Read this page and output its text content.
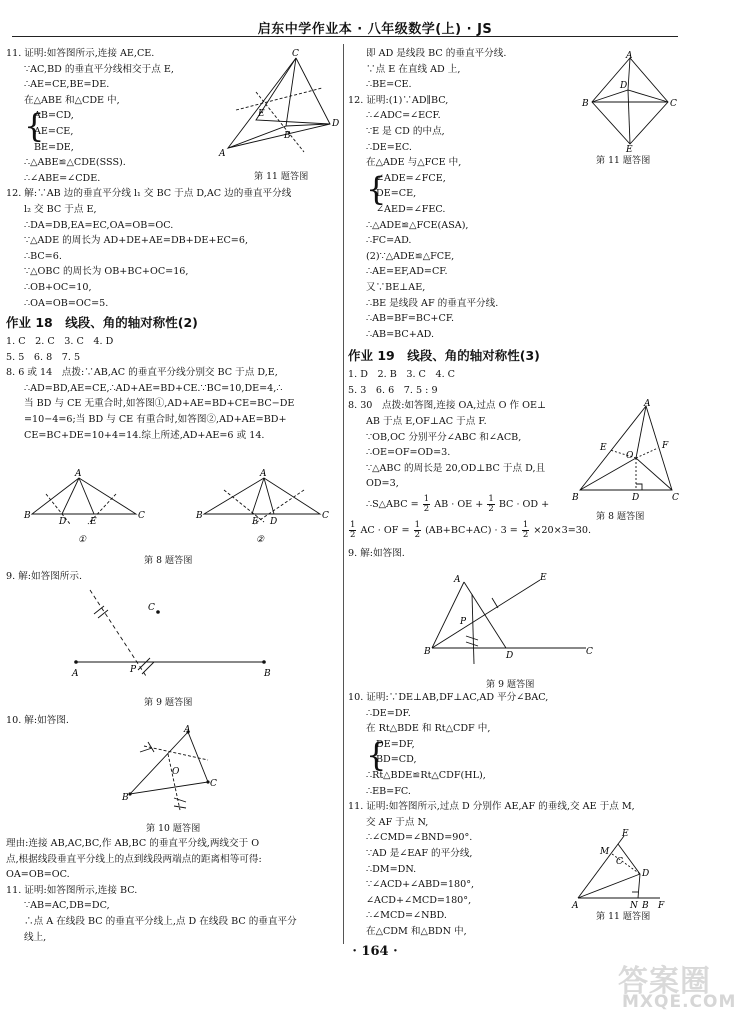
启东中学作业本 · 八年级数学(上) · JS
11. 证明:如答图所示,连接 AE,CE.
∵AC,BD 的垂直平分线相交于点 E,
∴AE=CE,BE=DE.
在△ABE 和△CDE 中,
{ AB=CD,
AE=CE,
BE=DE,
∴△ABE≌△CDE(SSS).
∴∠ABE=∠CDE.
12. 解:∵AB 边的垂直平分线 l₁ 交 BC 于点 D,AC 边的垂直平分线
l₂ 交 BC 于点 E,
∴DA=DB,EA=EC,OA=OB=OC.
∵△ADE 的周长为 AD+DE+AE=DB+DE+EC=6,
∴BC=6.
∵△OBC 的周长为 OB+BC+OC=16,
∴OB+OC=10,
∴OA=OB=OC=5.
作业 18　线段、角的轴对称性(2)
1. C　2. C　3. C　4. D
5. 5　6. 8　7. 5
8. 6 或 14　点拨:∵AB,AC 的垂直平分线分别交 BC 于点 D,E,
∴AD=BD,AE=CE,∴AD+AE=BD+CE.∵BC=10,DE=4,∴
当 BD 与 CE 无重合时,如答图①,AD+AE=BD+CE=BC−DE
=10−4=6;当 BD 与 CE 有重合时,如答图②,AD+AE=BD+
CE=BC+DE=10+4=14.综上所述,AD+AE=6 或 14.
C
A
D
B
E
第 11 题答图
A
B	C
D	E
A
B	C
E D
①	②
第 8 题答图
9. 解:如答图所示.
A	B
C
P
第 9 题答图
10. 解:如答图.
A
B
C
O
第 10 题答图
理由:连接 AB,AC,BC,作 AB,BC 的垂直平分线,两线交于 O
点,根据线段垂直平分线上的点到线段两端点的距离相等可得:
OA=OB=OC.
11. 证明:如答图所示,连接 BC.
∵AB=AC,DB=DC,
∴点 A 在线段 BC 的垂直平分线上,点 D 在线段 BC 的垂直平分
线上,
即 AD 是线段 BC 的垂直平分线.
∵点 E 在直线 AD 上,
∴BE=CE.
12. 证明:(1)∵AD∥BC,
∴∠ADC=∠ECF.
∵E 是 CD 的中点,
∴DE=EC.
在△ADE 与△FCE 中,
{ ∠ADE=∠FCE,
DE=CE,
∠AED=∠FEC.
∴△ADE≌△FCE(ASA),
∴FC=AD.
(2)∵△ADE≌△FCE,
∴AE=EF,AD=CF.
又∵BE⊥AE,
∴BE 是线段 AF 的垂直平分线.
∴AB=BF=BC+CF.
∴AB=BC+AD.
作业 19　线段、角的轴对称性(3)
1. D　2. B　3. C　4. C
5. 3　6. 6　7. 5 : 9
8. 30　点拨:如答图,连接 OA,过点 O 作 OE⊥
AB 于点 E,OF⊥AC 于点 F.
∵OB,OC 分别平分∠ABC 和∠ACB,
∴OE=OF=OD=3.
∵△ABC 的周长是 20,OD⊥BC 于点 D,且
OD=3,
∴S△ABC = $\frac{1}{2}$ AB · OE + $\frac{1}{2}$ BC · OD +
$\frac{1}{2}$ AC · OF = $\frac{1}{2} (AB+BC+AC) \cdot 3 = \frac{1}{2} \times 20\times 3=30$.
9. 解:如答图.
A
B	C
D
E
第 11 题答图
A
B	C
E	F
O
D
第 8 题答图
A	E
B	C
D
P
第 9 题答图
10. 证明:∵DE⊥AB,DF⊥AC,AD 平分∠BAC,
∴DE=DF.
在 Rt△BDE 和 Rt△CDF 中,
{ DE=DF,
BD=CD,
∴Rt△BDE≌Rt△CDF(HL),
∴EB=FC.
11. 证明:如答图所示,过点 D 分别作 AE,AF 的垂线,交 AE 于点 M,
交 AF 于点 N,
∴∠CMD=∠BND=90°.
∵AD 是∠EAF 的平分线,
∴DM=DN.
∵∠ACD+∠ABD=180°,
∠ACD+∠MCD=180°,
∴∠MCD=∠NBD.
在△CDM 和△BDN 中,
E
M
C
D
A	N B F
第 11 题答图
· 164 ·
答案圈
MXQE.COM
